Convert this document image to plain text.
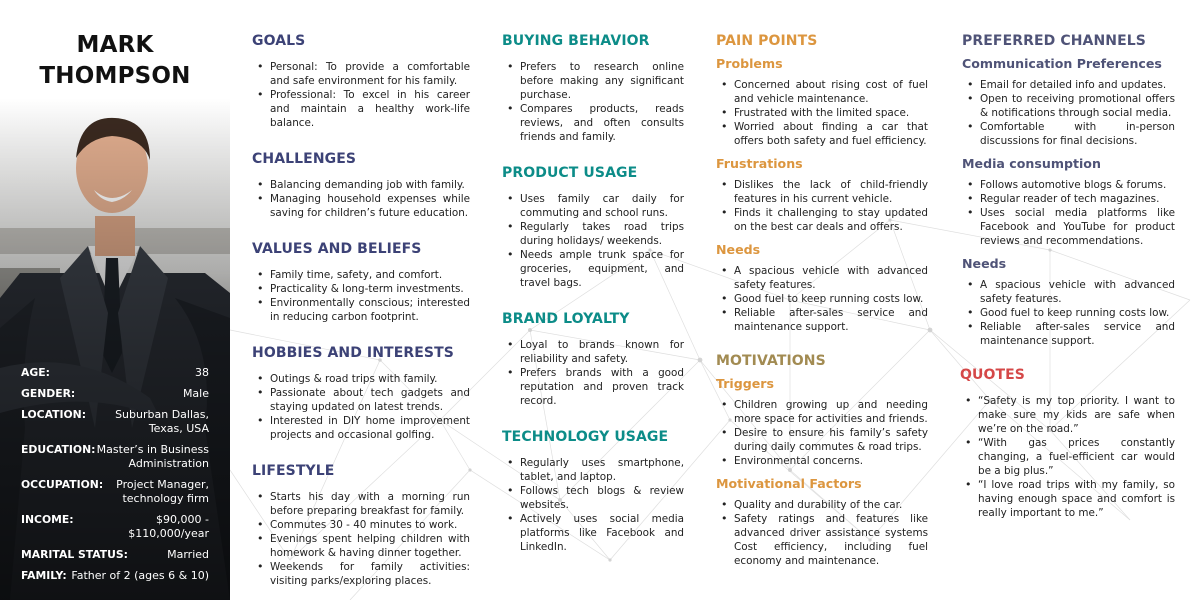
MARK
THOMPSON
AGE:	38
GENDER:	Male
LOCATION:	Suburban Dallas, Texas, USA
EDUCATION: Master’s in Business Administration
OCCUPATION:	Project Manager, technology firm
INCOME:	$90,000 - $110,000/year
MARITAL STATUS:	Married
FAMILY: Father of 2 (ages 6 & 10)
GOALS
• Personal: To provide a comfortable and safe environment for his family.
• Professional: To excel in his career and maintain a healthy work-life balance.
CHALLENGES
• Balancing demanding job with family.
• Managing household expenses while saving for children’s future education.
VALUES AND BELIEFS
• Family time, safety, and comfort.
• Practicality & long-term investments.
• Environmentally conscious; interested in reducing carbon footprint.
HOBBIES AND INTERESTS
• Outings & road trips with family.
• Passionate about tech gadgets and staying updated on latest trends.
• Interested in DIY home improvement projects and occasional golfing.
LIFESTYLE
• Starts his day with a morning run before preparing breakfast for family.
• Commutes 30 - 40 minutes to work.
• Evenings spent helping children with homework & having dinner together.
• Weekends for family activities: visiting parks/exploring places.
BUYING BEHAVIOR
• Prefers to research online before making any significant purchase.
• Compares products, reads reviews, and often consults friends and family.
PRODUCT USAGE
• Uses family car daily for commuting and school runs.
• Regularly takes road trips during holidays/ weekends.
• Needs ample trunk space for groceries, equipment, and travel bags.
BRAND LOYALTY
• Loyal to brands known for reliability and safety.
• Prefers brands with a good reputation and proven track record.
TECHNOLOGY USAGE
• Regularly uses smartphone, tablet, and laptop.
• Follows tech blogs & review websites.
• Actively uses social media platforms like Facebook and LinkedIn.
PAIN POINTS
Problems
• Concerned about rising cost of fuel and vehicle maintenance.
• Frustrated with the limited space.
• Worried about finding a car that offers both safety and fuel efficiency.
Frustrations
• Dislikes the lack of child-friendly features in his current vehicle.
• Finds it challenging to stay updated on the best car deals and offers.
Needs
• A spacious vehicle with advanced safety features.
• Good fuel to keep running costs low.
• Reliable after-sales service and maintenance support.
MOTIVATIONS
Triggers
• Children growing up and needing more space for activities and friends.
• Desire to ensure his family’s safety during daily commutes & road trips.
• Environmental concerns.
Motivational Factors
• Quality and durability of the car.
• Safety ratings and features like advanced driver assistance systems Cost efficiency, including fuel economy and maintenance.
PREFERRED CHANNELS
Communication Preferences
• Email for detailed info and updates.
• Open to receiving promotional offers & notifications through social media.
• Comfortable with in-person discussions for final decisions.
Media consumption
• Follows automotive blogs & forums.
• Regular reader of tech magazines.
• Uses social media platforms like Facebook and YouTube for product reviews and recommendations.
Needs
• A spacious vehicle with advanced safety features.
• Good fuel to keep running costs low.
• Reliable after-sales service and maintenance support.
QUOTES
• “Safety is my top priority. I want to make sure my kids are safe when we’re on the road.”
• “With gas prices constantly changing, a fuel-efficient car would be a big plus.”
• “I love road trips with my family, so having enough space and comfort is really important to me.”
